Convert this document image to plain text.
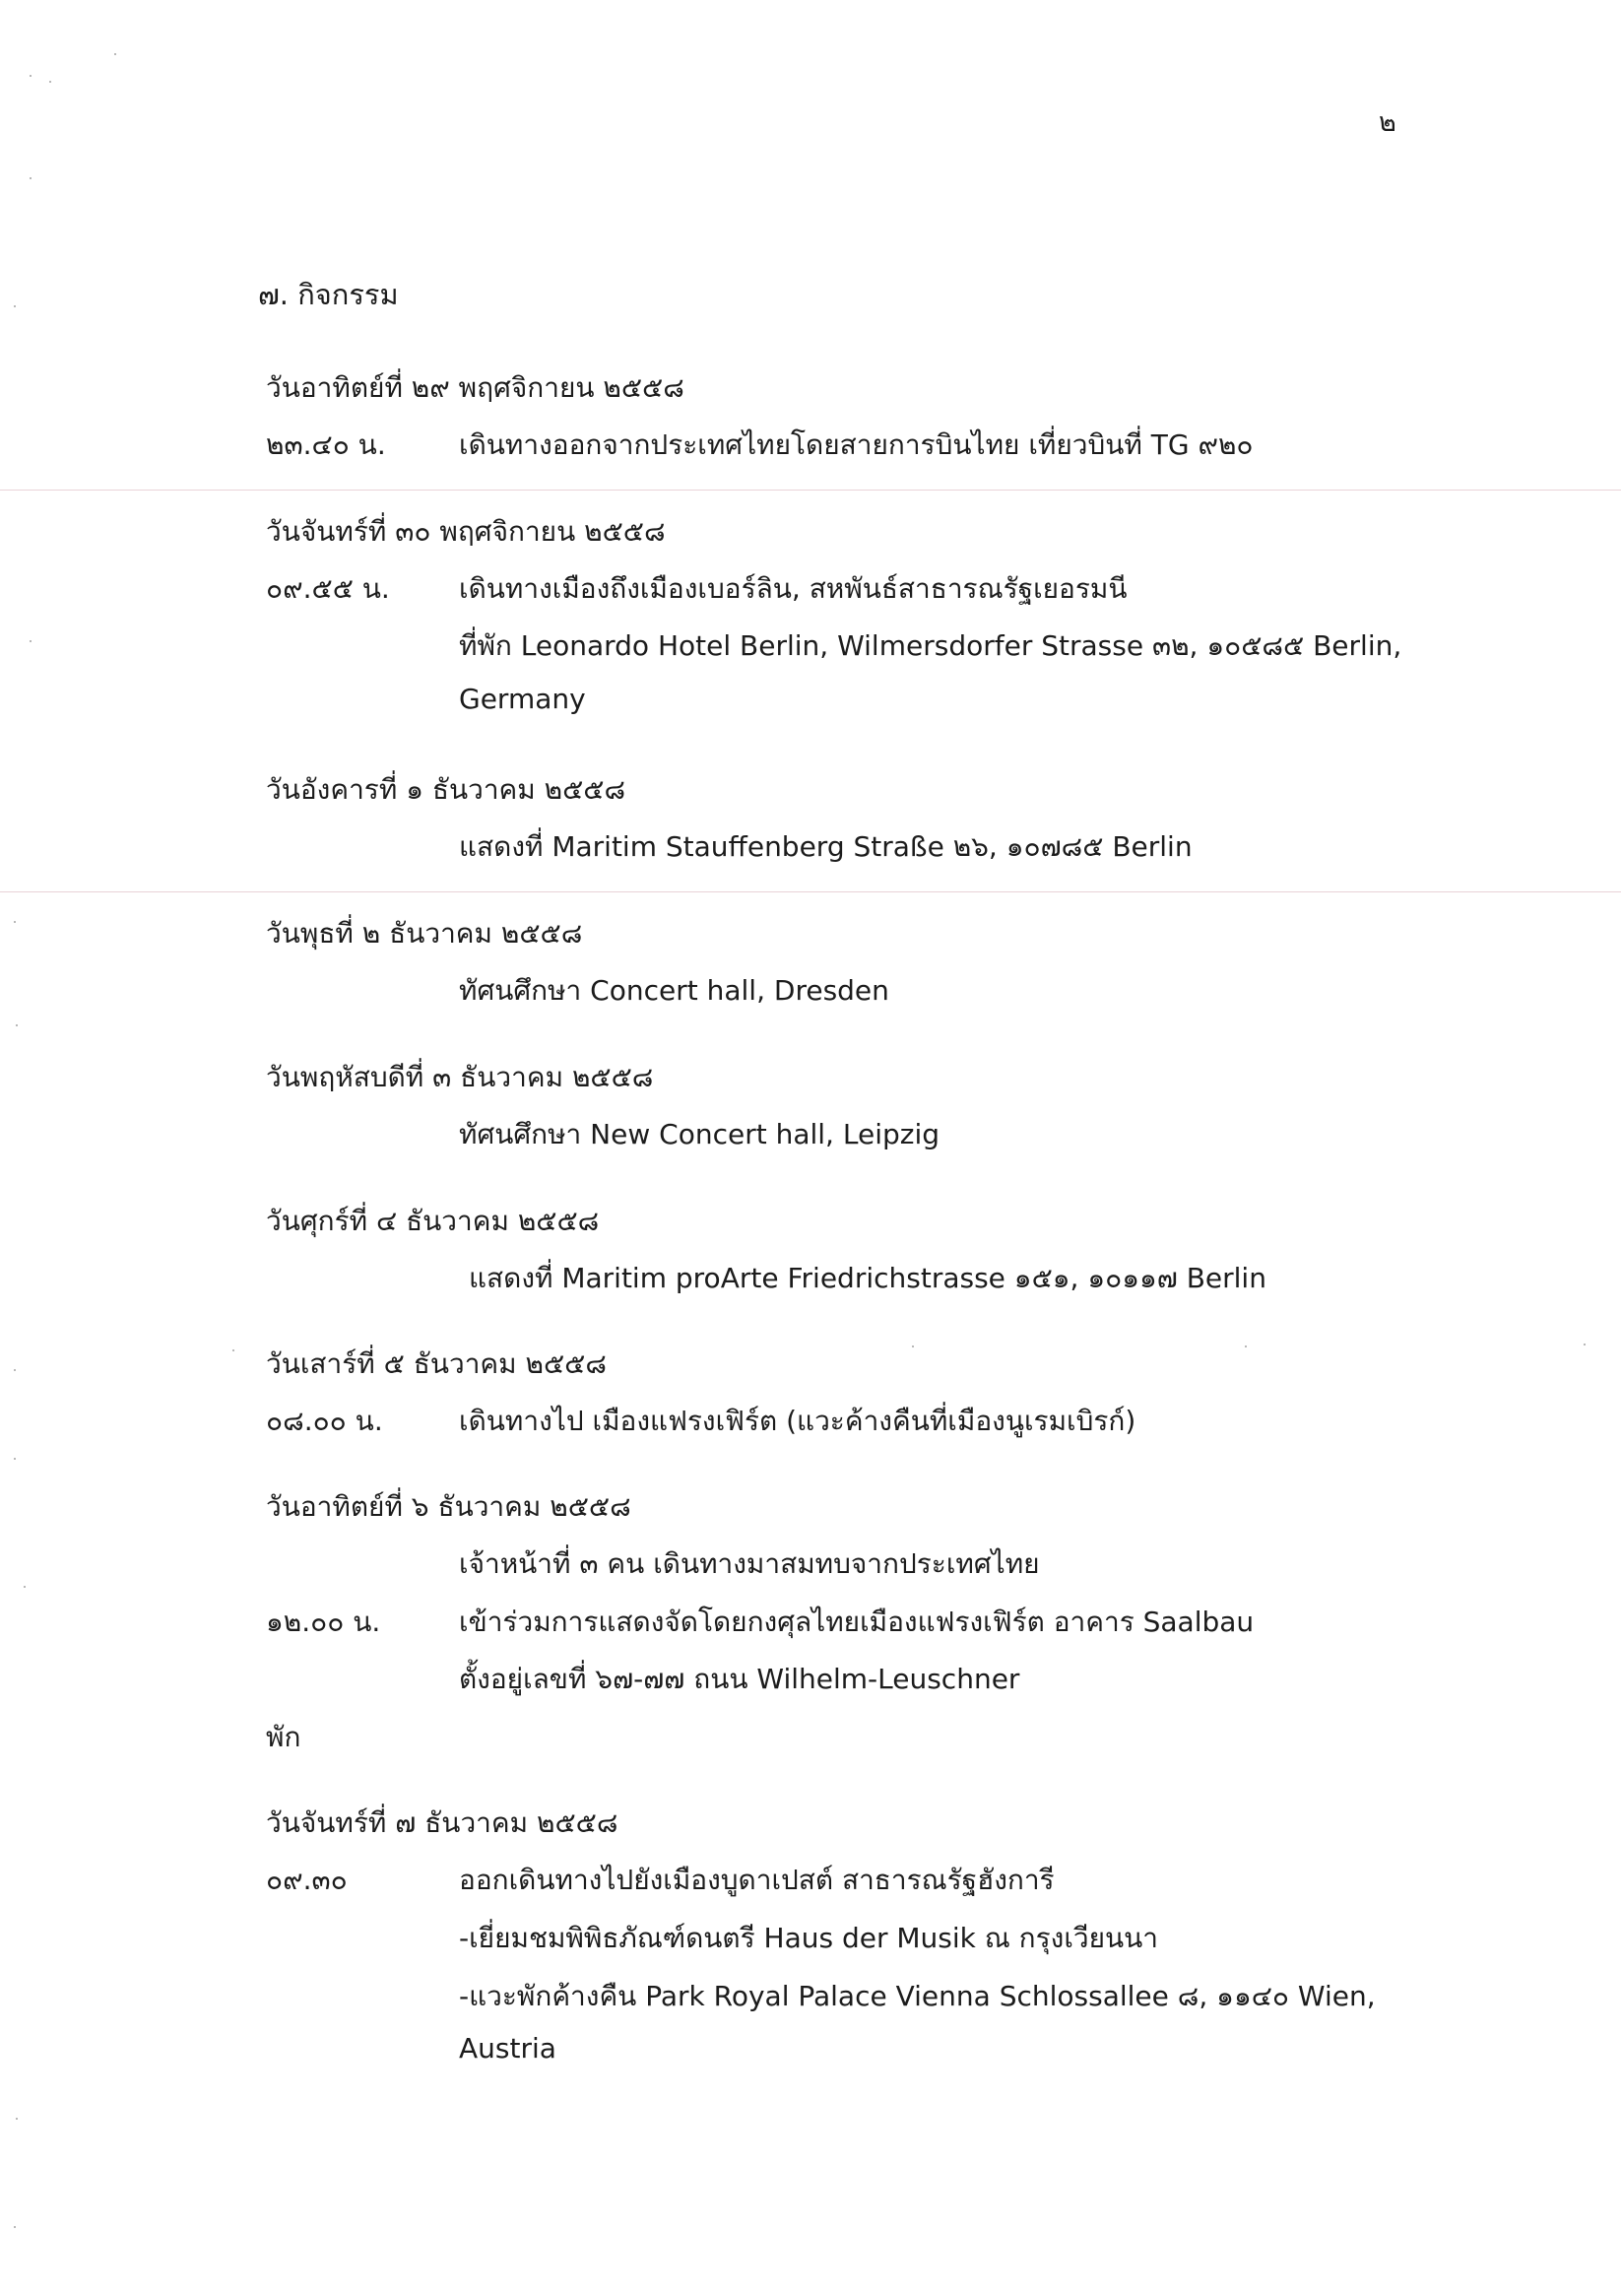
๒
๗. กิจกรรม
วันอาทิตย์ที่ ๒๙ พฤศจิกายน ๒๕๕๘
๒๓.๔๐ น.	เดินทางออกจากประเทศไทยโดยสายการบินไทย เที่ยวบินที่ TG ๙๒๐
วันจันทร์ที่ ๓๐ พฤศจิกายน ๒๕๕๘
๐๙.๕๕ น.	เดินทางเมืองถึงเมืองเบอร์ลิน, สหพันธ์สาธารณรัฐเยอรมนี
ที่พัก Leonardo Hotel Berlin, Wilmersdorfer Strasse ๓๒, ๑๐๕๘๕ Berlin,
Germany
วันอังคารที่ ๑ ธันวาคม ๒๕๕๘
แสดงที่ Maritim Stauffenberg Straße ๒๖, ๑๐๗๘๕ Berlin
วันพุธที่ ๒ ธันวาคม ๒๕๕๘
ทัศนศึกษา Concert hall, Dresden
วันพฤหัสบดีที่ ๓ ธันวาคม ๒๕๕๘
ทัศนศึกษา New Concert hall, Leipzig
วันศุกร์ที่ ๔ ธันวาคม ๒๕๕๘
แสดงที่ Maritim proArte Friedrichstrasse ๑๕๑, ๑๐๑๑๗ Berlin
วันเสาร์ที่ ๕ ธันวาคม ๒๕๕๘
๐๘.๐๐ น.	เดินทางไป เมืองแฟรงเฟิร์ต (แวะค้างคืนที่เมืองนูเรมเบิรก์)
วันอาทิตย์ที่ ๖ ธันวาคม ๒๕๕๘
เจ้าหน้าที่ ๓ คน เดินทางมาสมทบจากประเทศไทย
๑๒.๐๐ น.	เข้าร่วมการแสดงจัดโดยกงศุลไทยเมืองแฟรงเฟิร์ต อาคาร Saalbau
ตั้งอยู่เลขที่ ๖๗-๗๗ ถนน Wilhelm-Leuschner
พัก
วันจันทร์ที่ ๗ ธันวาคม ๒๕๕๘
๐๙.๓๐	ออกเดินทางไปยังเมืองบูดาเปสต์ สาธารณรัฐฮังการี
-เยี่ยมชมพิพิธภัณฑ์ดนตรี Haus der Musik ณ กรุงเวียนนา
-แวะพักค้างคืน Park Royal Palace Vienna Schlossallee ๘, ๑๑๔๐ Wien,
Austria
